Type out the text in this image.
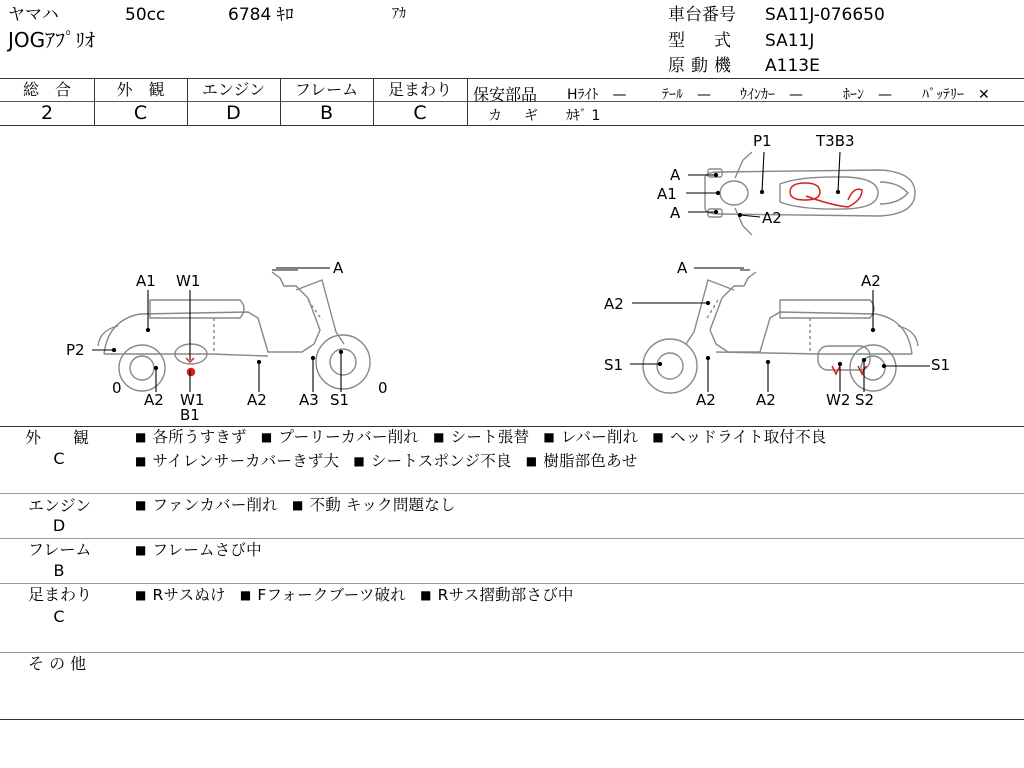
ヤマハ	50cc	6784 ｷﾛ	ｱｶ
JOGｱﾌﾟﾘｵ
車台番号 SA11J-076650
型　式 SA11J
原動機 A113E
総　合	外　観	エンジン	フレーム	足まわり
2	C	D	B	C
保安部品 Hﾗｲﾄ　—	ﾃｰﾙ　— ｳｲﾝｶｰ　—	ﾎｰﾝ　— ﾊﾞｯﾃﾘｰ　✕
カ　ギ ｶｷﾞ 1
P1	T3B3
A
A1
A	A2
A
A1 W1
P2
0
A2 W1
B1
A2 A3 S1
0
A
A2
A2
S1	S1
A2	A2	W2 S2
外　観
C
■ 各所うすきず ■ プーリーカバー削れ ■ シート張替 ■ レバー削れ ■ ヘッドライト取付不良 ■ サイレンサーカバーきず大 ■ シートスポンジ不良 ■ 樹脂部色あせ
エンジン
D
■ ファンカバー削れ ■ 不動 キック問題なし
フレーム
B
■ フレームさび中
足まわり
C
■ Rサスぬけ ■ Fフォークブーツ破れ ■ Rサス摺動部さび中
そ の 他
